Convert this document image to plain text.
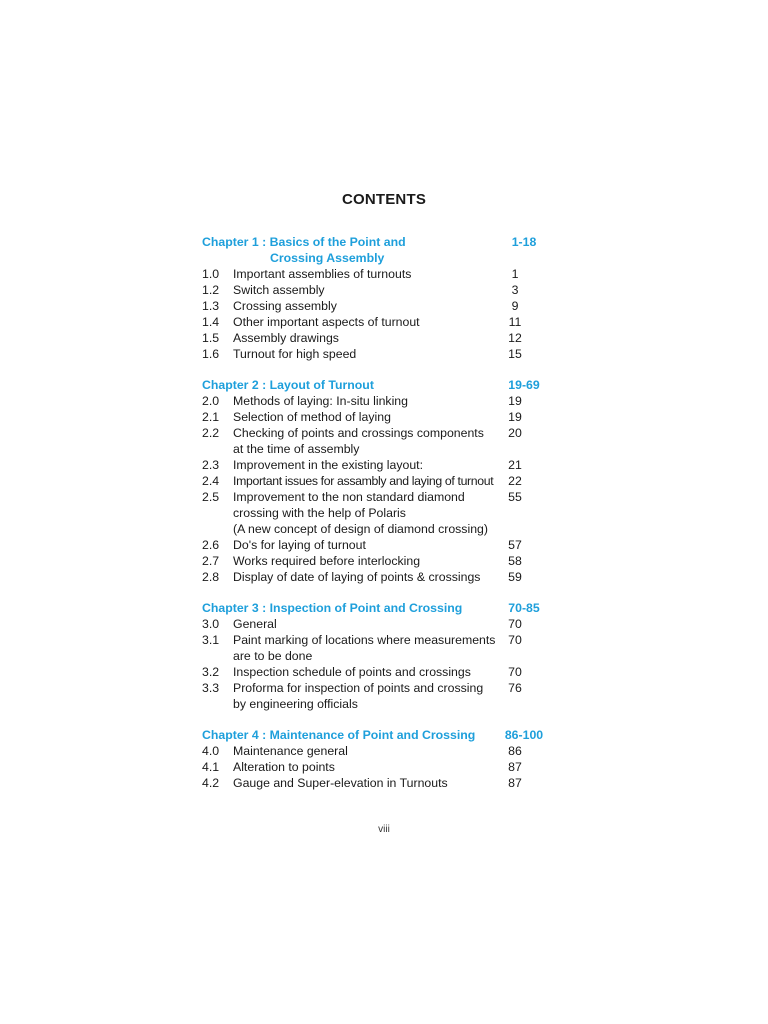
CONTENTS
Chapter 1 : Basics of the Point and	1-18
Crossing Assembly
1.0 Important assemblies of turnouts	1
1.2 Switch assembly	3
1.3 Crossing assembly	9
1.4 Other important aspects of turnout	11
1.5 Assembly drawings	12
1.6 Turnout for high speed	15
Chapter 2 : Layout of Turnout	19-69
2.0 Methods of laying: In-situ linking	19
2.1 Selection of method of laying	19
2.2 Checking of points and crossings components	20
at the time of assembly
2.3 Improvement in the existing layout:	21
2.4 Important issues for assambly and laying of turnout	22
2.5 Improvement to the non standard diamond	55
crossing with the help of Polaris
(A new concept of design of diamond crossing)
2.6 Do's for laying of turnout	57
2.7 Works required before interlocking	58
2.8 Display of date of laying of points & crossings	59
Chapter 3 : Inspection of Point and Crossing	70-85
3.0 General	70
3.1 Paint marking of locations where measurements	70
are to be done
3.2 Inspection schedule of points and crossings	70
3.3 Proforma for inspection of points and crossing	76
by engineering officials
Chapter 4 : Maintenance of Point and Crossing	86-100
4.0 Maintenance general	86
4.1 Alteration to points	87
4.2 Gauge and Super-elevation in Turnouts	87
viii
